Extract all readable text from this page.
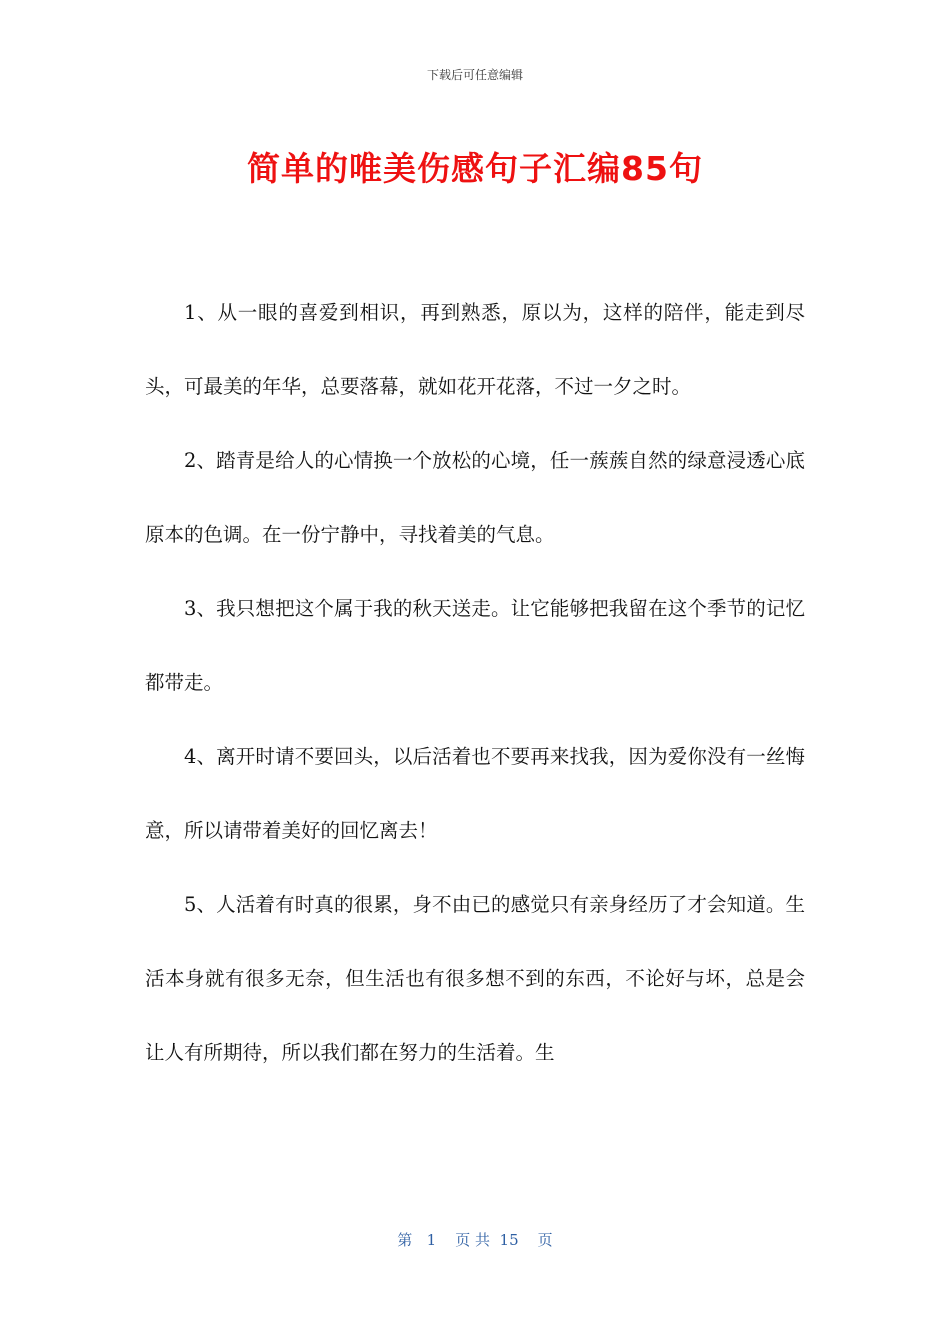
下载后可任意编辑
简单的唯美伤感句子汇编85句

1、从一眼的喜爱到相识，再到熟悉，原以为，这样的陪伴，能走到尽头，可最美的年华，总要落幕，就如花开花落，不过一夕之时。

2、踏青是给人的心情换一个放松的心境，任一蔟蔟自然的绿意浸透心底原本的色调。在一份宁静中，寻找着美的气息。

3、我只想把这个属于我的秋天送走。让它能够把我留在这个季节的记忆都带走。

4、离开时请不要回头，以后活着也不要再来找我，因为爱你没有一丝悔意，所以请带着美好的回忆离去！

5、人活着有时真的很累，身不由已的感觉只有亲身经历了才会知道。生活本身就有很多无奈，但生活也有很多想不到的东西，不论好与坏，总是会让人有所期待，所以我们都在努力的生活着。生

第   1    页 共  15    页
